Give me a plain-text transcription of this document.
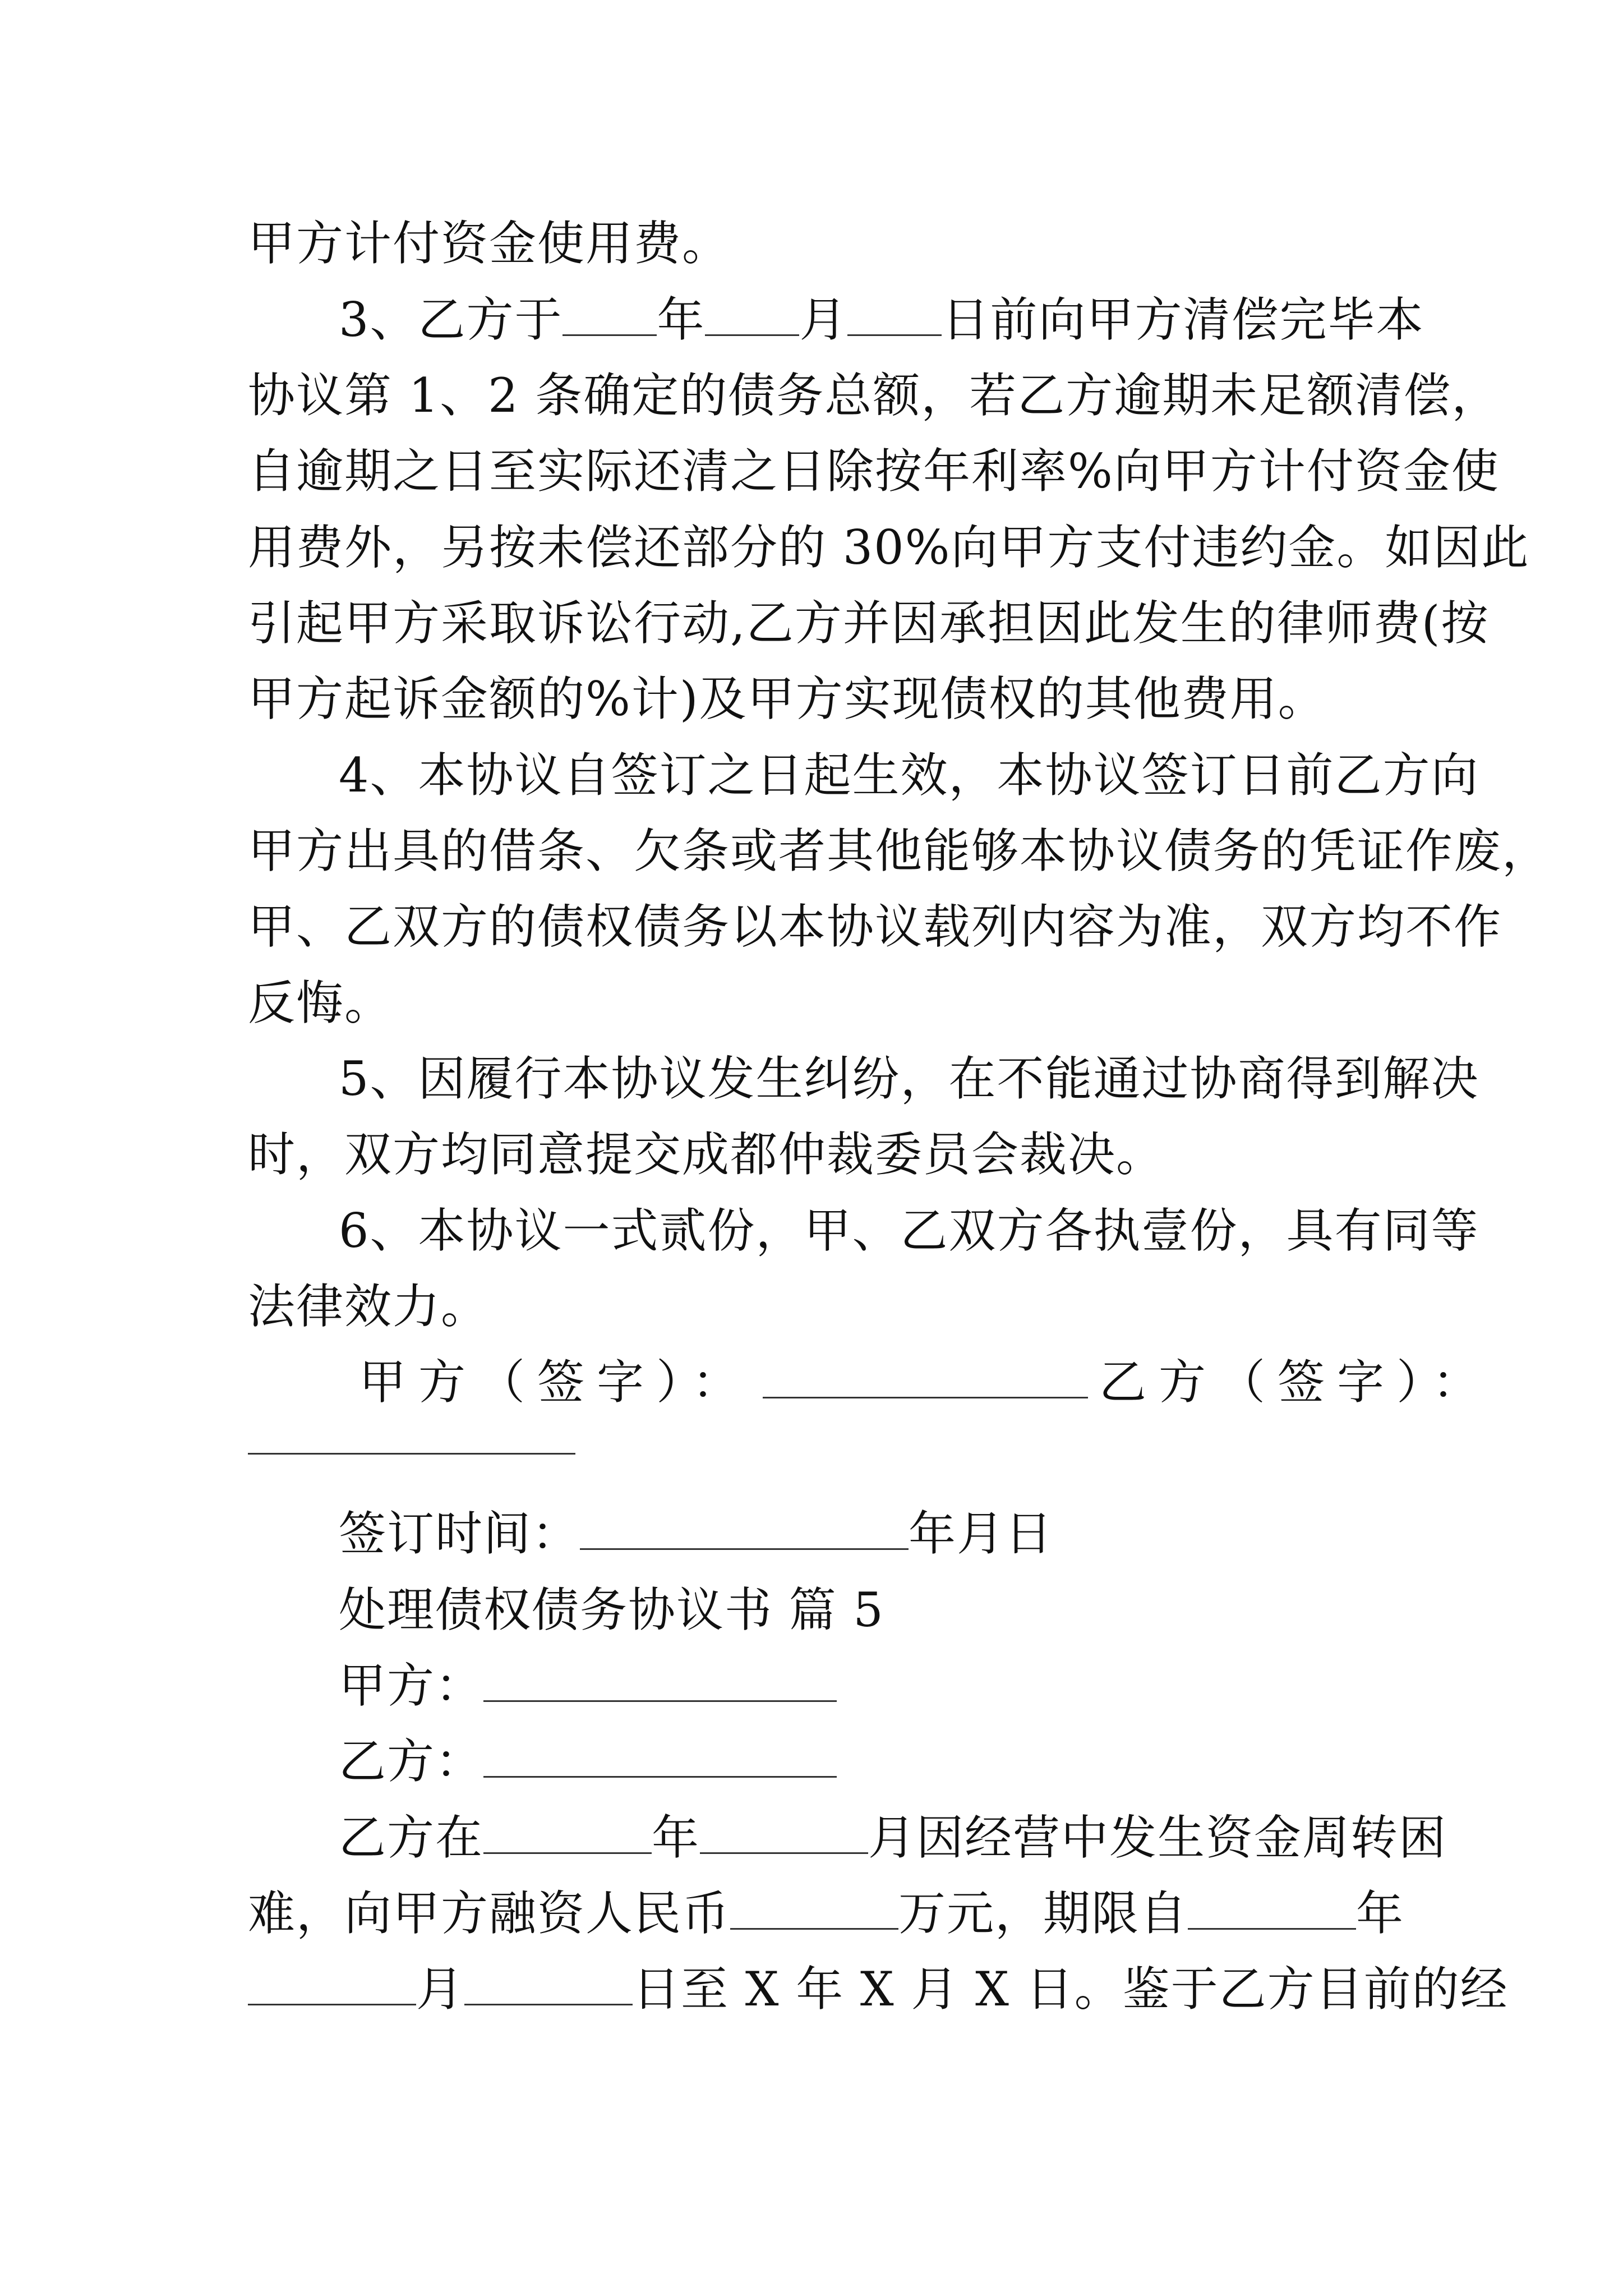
甲方计付资金使用费。
3、乙方于 年 月 日前向甲方清偿完毕本
协议第 1、2 条确定的债务总额，若乙方逾期未足额清偿，
自逾期之日至实际还清之日除按年利率%向甲方计付资金使
用费外，另按未偿还部分的 30%向甲方支付违约金。如因此
引起甲方采取诉讼行动,乙方并因承担因此发生的律师费(按
甲方起诉金额的%计)及甲方实现债权的其他费用。
4、本协议自签订之日起生效，本协议签订日前乙方向
甲方出具的借条、欠条或者其他能够本协议债务的凭证作废，
甲、乙双方的债权债务以本协议载列内容为准，双方均不作
反悔。
5、因履行本协议发生纠纷，在不能通过协商得到解决
时，双方均同意提交成都仲裁委员会裁决。
6、本协议一式贰份，甲、乙双方各执壹份，具有同等
法律效力。
甲方（签字）：	乙方（签字）：
签订时间：	年月日
处理债权债务协议书 篇 5
甲方：
乙方：
乙方在	年	月因经营中发生资金周转困
难，向甲方融资人民币	万元，期限自	年
月	日至 X 年 X 月 X 日。鉴于乙方目前的经
